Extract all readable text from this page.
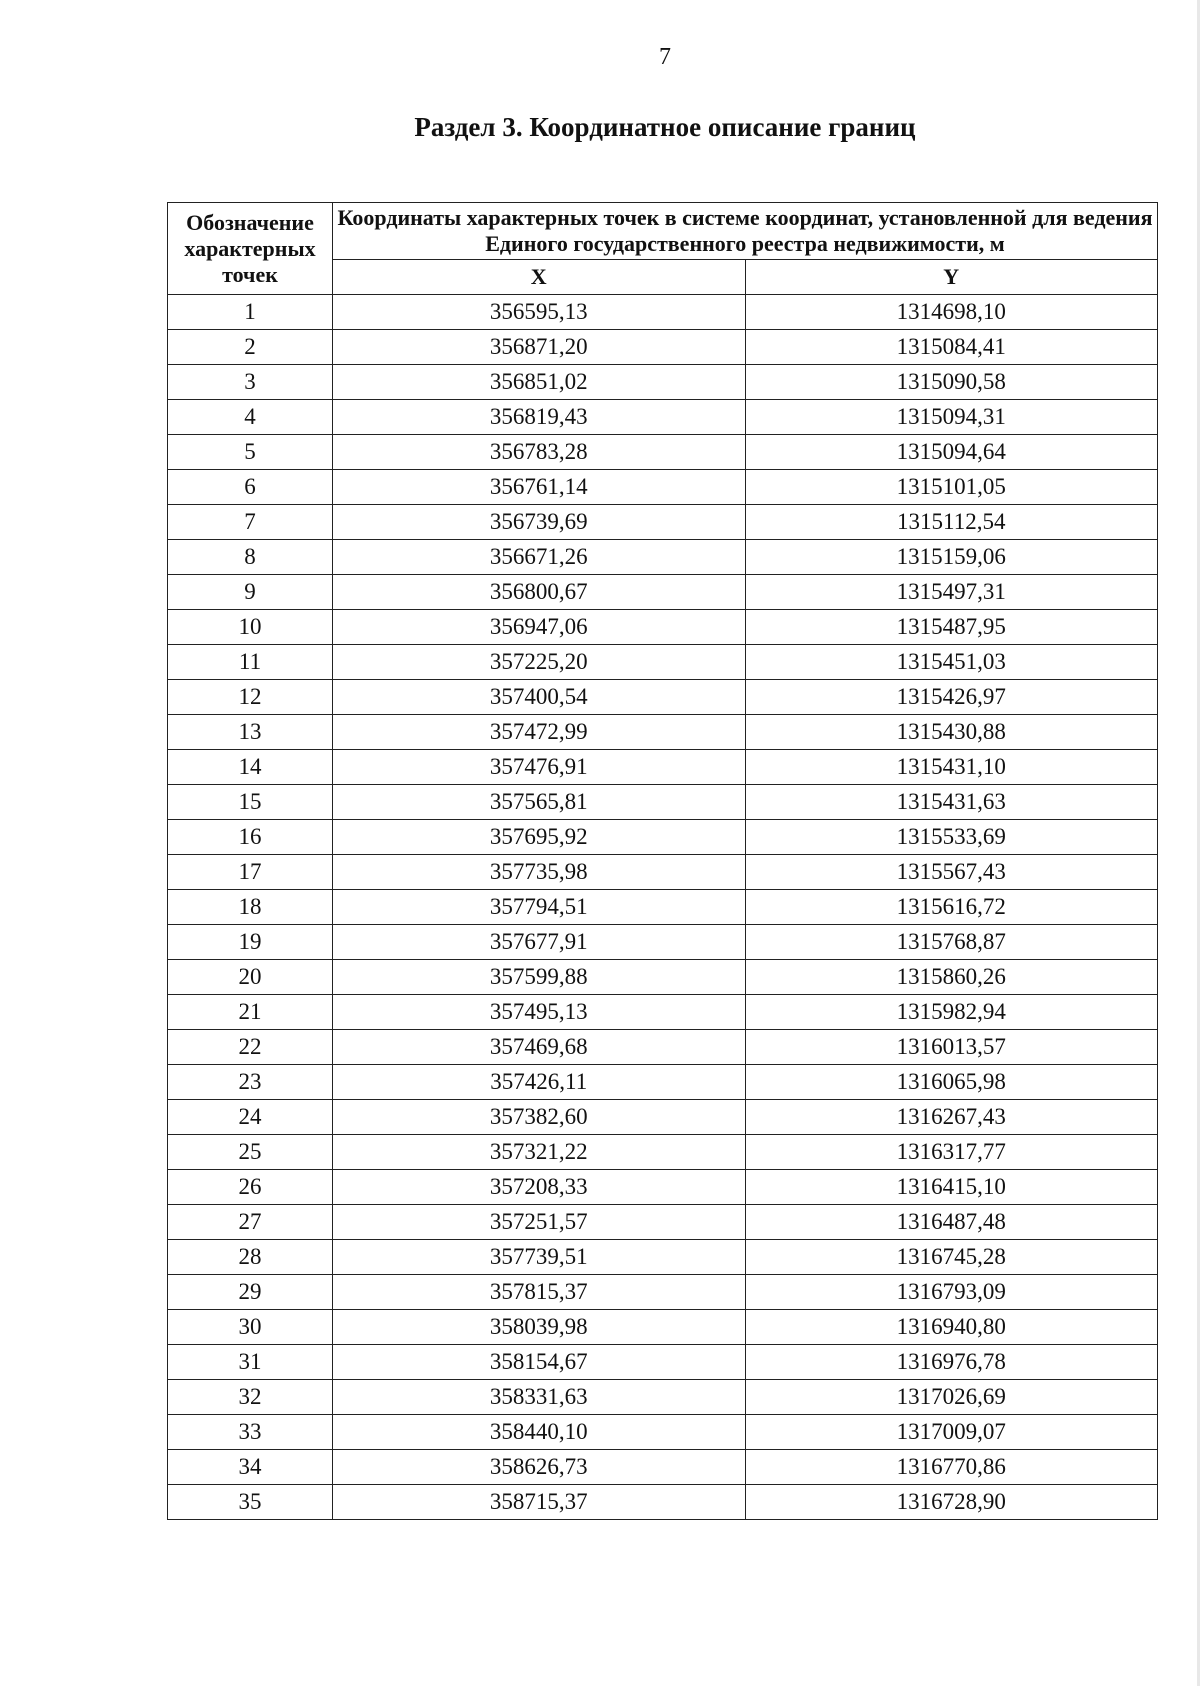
7
Раздел 3. Координатное описание границ
Обозначение характерных точек	Координаты характерных точек в системе координат, установленной для ведения Единого государственного реестра недвижимости, м	
	X	Y
1	356595,13	1314698,10
2	356871,20	1315084,41
3	356851,02	1315090,58
4	356819,43	1315094,31
5	356783,28	1315094,64
6	356761,14	1315101,05
7	356739,69	1315112,54
8	356671,26	1315159,06
9	356800,67	1315497,31
10	356947,06	1315487,95
11	357225,20	1315451,03
12	357400,54	1315426,97
13	357472,99	1315430,88
14	357476,91	1315431,10
15	357565,81	1315431,63
16	357695,92	1315533,69
17	357735,98	1315567,43
18	357794,51	1315616,72
19	357677,91	1315768,87
20	357599,88	1315860,26
21	357495,13	1315982,94
22	357469,68	1316013,57
23	357426,11	1316065,98
24	357382,60	1316267,43
25	357321,22	1316317,77
26	357208,33	1316415,10
27	357251,57	1316487,48
28	357739,51	1316745,28
29	357815,37	1316793,09
30	358039,98	1316940,80
31	358154,67	1316976,78
32	358331,63	1317026,69
33	358440,10	1317009,07
34	358626,73	1316770,86
35	358715,37	1316728,90
